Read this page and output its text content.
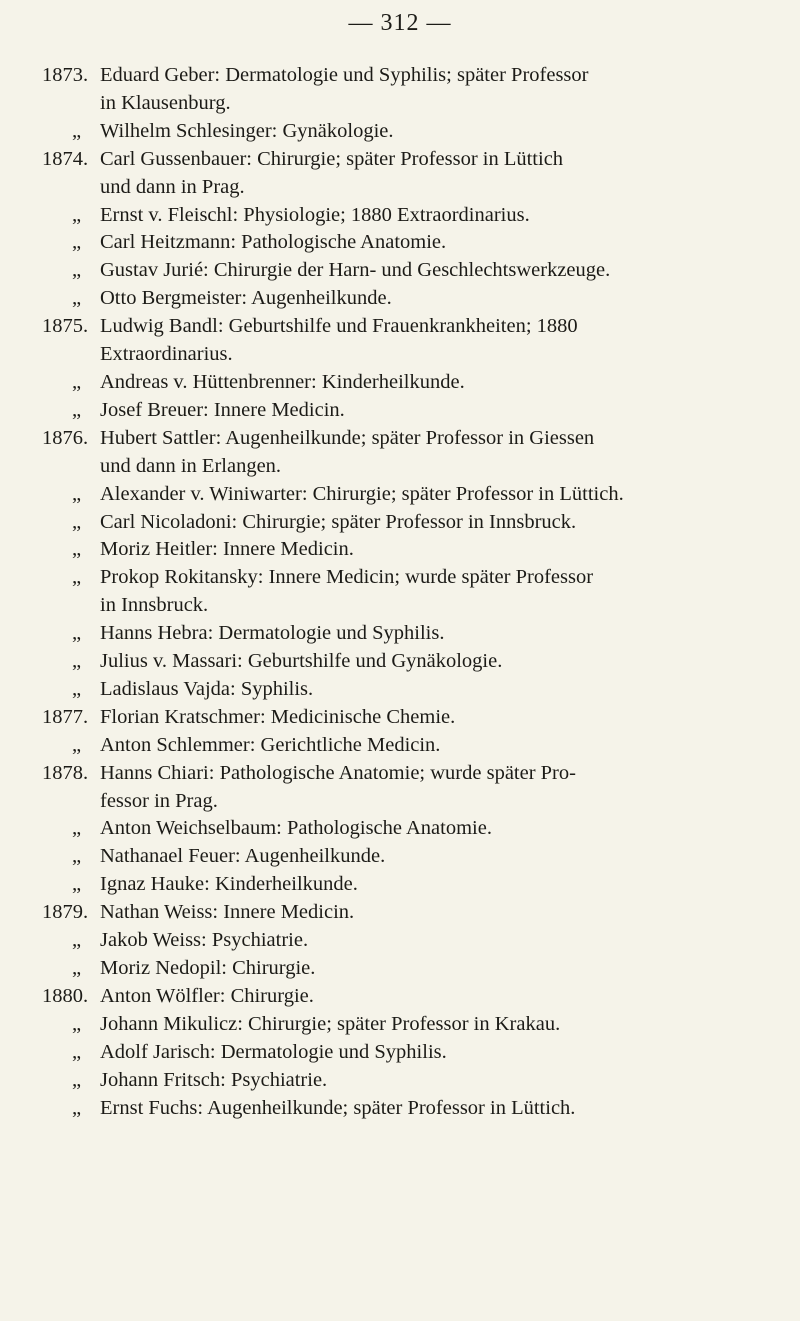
— 312 —
1873. Eduard Geber: Dermatologie und Syphilis; später Professor
in Klausenburg.
„ Wilhelm Schlesinger: Gynäkologie.
1874. Carl Gussenbauer: Chirurgie; später Professor in Lüttich
und dann in Prag.
„ Ernst v. Fleischl: Physiologie; 1880 Extraordinarius.
„ Carl Heitzmann: Pathologische Anatomie.
„ Gustav Jurié: Chirurgie der Harn- und Geschlechtswerkzeuge.
„ Otto Bergmeister: Augenheilkunde.
1875. Ludwig Bandl: Geburtshilfe und Frauenkrankheiten; 1880
Extraordinarius.
„ Andreas v. Hüttenbrenner: Kinderheilkunde.
„ Josef Breuer: Innere Medicin.
1876. Hubert Sattler: Augenheilkunde; später Professor in Giessen
und dann in Erlangen.
„ Alexander v. Winiwarter: Chirurgie; später Professor in Lüttich.
„ Carl Nicoladoni: Chirurgie; später Professor in Innsbruck.
„ Moriz Heitler: Innere Medicin.
„ Prokop Rokitansky: Innere Medicin; wurde später Professor
in Innsbruck.
„ Hanns Hebra: Dermatologie und Syphilis.
„ Julius v. Massari: Geburtshilfe und Gynäkologie.
„ Ladislaus Vajda: Syphilis.
1877. Florian Kratschmer: Medicinische Chemie.
„ Anton Schlemmer: Gerichtliche Medicin.
1878. Hanns Chiari: Pathologische Anatomie; wurde später Pro-
fessor in Prag.
„ Anton Weichselbaum: Pathologische Anatomie.
„ Nathanael Feuer: Augenheilkunde.
„ Ignaz Hauke: Kinderheilkunde.
1879. Nathan Weiss: Innere Medicin.
„ Jakob Weiss: Psychiatrie.
„ Moriz Nedopil: Chirurgie.
1880. Anton Wölfler: Chirurgie.
„ Johann Mikulicz: Chirurgie; später Professor in Krakau.
„ Adolf Jarisch: Dermatologie und Syphilis.
„ Johann Fritsch: Psychiatrie.
„ Ernst Fuchs: Augenheilkunde; später Professor in Lüttich.
